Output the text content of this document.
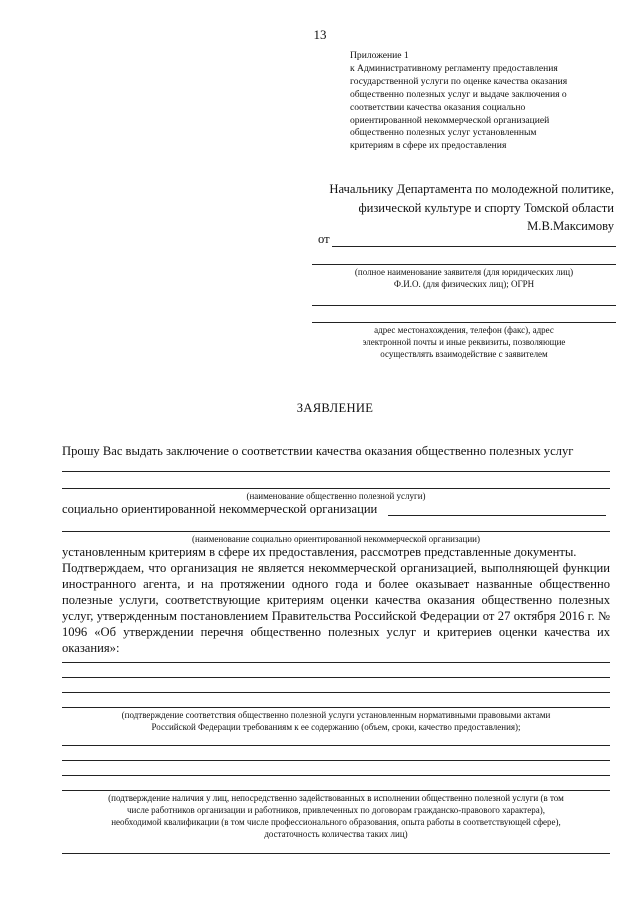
13
Приложение 1
к Административному регламенту предоставления
государственной услуги по оценке качества оказания
общественно полезных услуг и выдаче заключения о
соответствии качества оказания социально
ориентированной некоммерческой организацией
общественно полезных услуг установленным
критериям в сфере их предоставления
Начальнику Департамента по молодежной политике,
физической культуре и спорту Томской области
М.В.Максимову
от
(полное наименование заявителя (для юридических лиц)
Ф.И.О. (для физических лиц); ОГРН
адрес местонахождения, телефон (факс), адрес
электронной почты и иные реквизиты, позволяющие
осуществлять взаимодействие с заявителем
ЗАЯВЛЕНИЕ
Прошу Вас выдать заключение о соответствии качества оказания общественно полезных услуг
(наименование общественно полезной услуги)
социально ориентированной некоммерческой организации
(наименование социально ориентированной некоммерческой организации)

установленным критериям в сфере их предоставления, рассмотрев представленные документы.

Подтверждаем, что организация не является некоммерческой организацией, выполняющей функции иностранного агента, и на протяжении одного года и более оказывает названные общественно полезные услуги, соответствующие критериям оценки качества оказания общественно полезных услуг, утвержденным постановлением Правительства Российской Федерации от 27 октября 2016 г. № 1096 «Об утверждении перечня общественно полезных услуг и критериев оценки качества их оказания»:

(подтверждение соответствия общественно полезной услуги установленным нормативными правовыми актами
Российской Федерации требованиям к ее содержанию (объем, сроки, качество предоставления);
(подтверждение наличия у лиц, непосредственно задействованных в исполнении общественно полезной услуги (в том
числе работников организации и работников, привлеченных по договорам гражданско-правового характера),
необходимой квалификации (в том числе профессионального образования, опыта работы в соответствующей сфере),
достаточность количества таких лиц)
